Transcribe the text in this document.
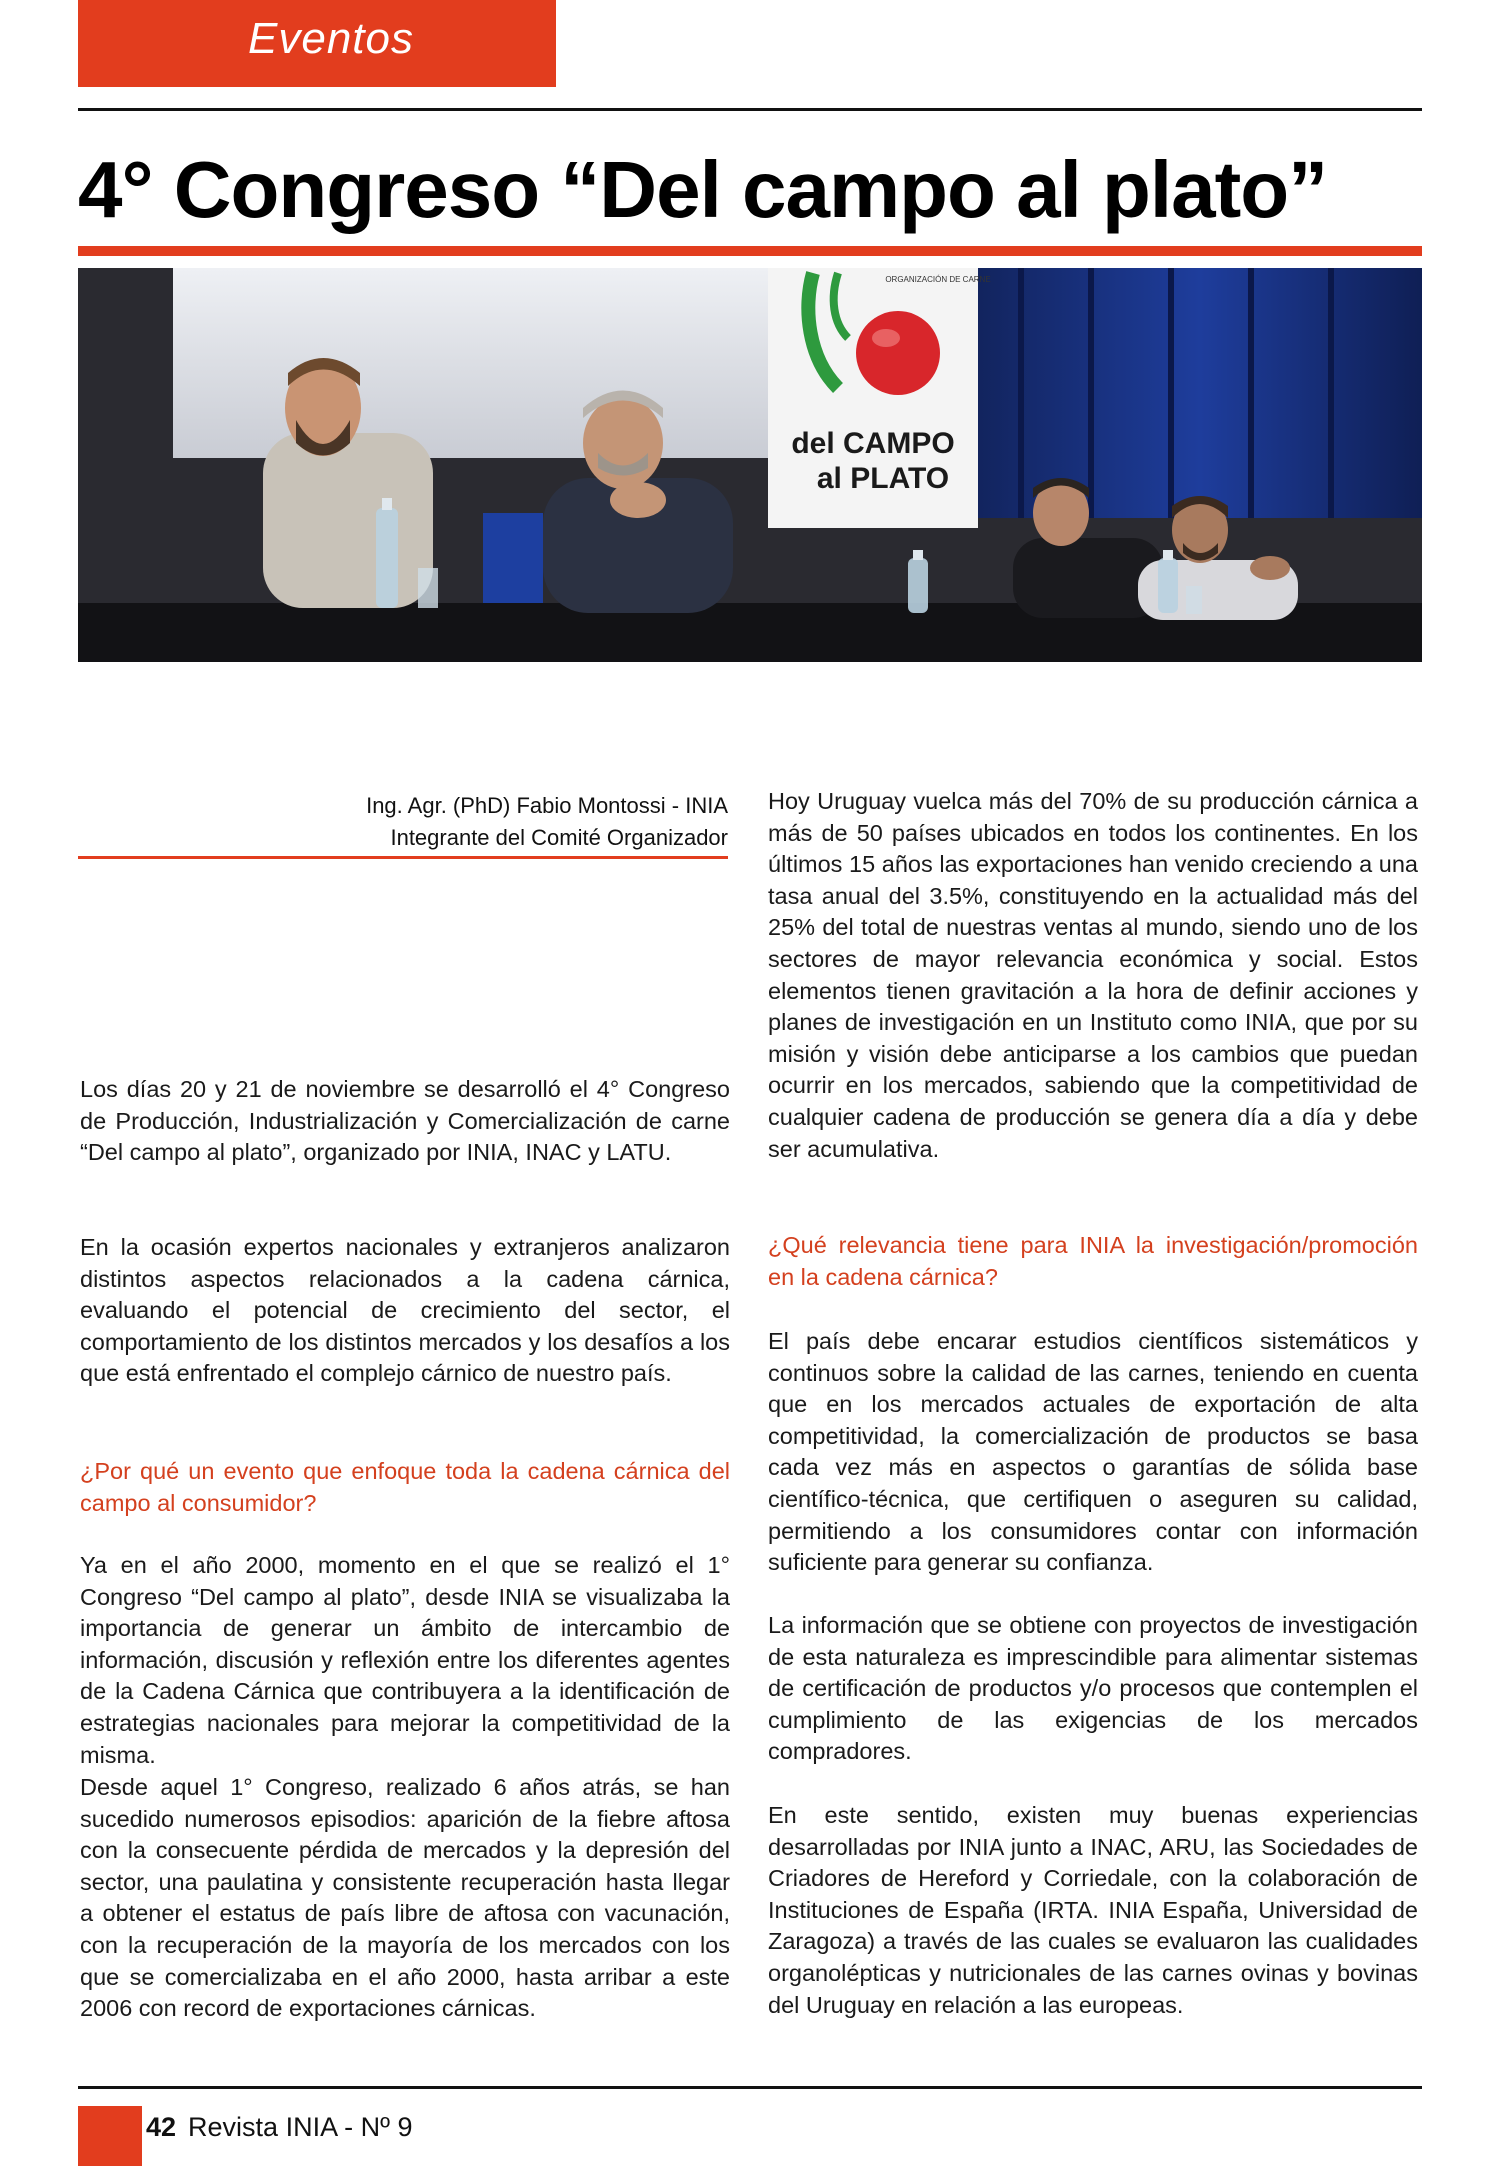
Eventos
4° Congreso “Del campo al plato”
ORGANIZACIÓN DE CARNE
del CAMPO
al PLATO
Ing. Agr. (PhD) Fabio Montossi - INIA
Integrante del Comité Organizador

Los días 20 y 21 de noviembre se desarrolló el 4° Congreso de Producción, Industrialización y Comercialización de carne “Del campo al plato”, organizado por INIA, INAC y LATU.

En la ocasión expertos nacionales y extranjeros analizaron distintos aspectos relacionados a la cadena cárnica, evaluando el potencial de crecimiento del sector, el comportamiento de los distintos mercados y los desafíos a los que está enfrentado el complejo cárnico de nuestro país.

¿Por qué un evento que enfoque toda la cadena cárnica del campo al consumidor?

Ya en el año 2000, momento en el que se realizó el 1° Congreso “Del campo al plato”, desde INIA se visualizaba la importancia de generar un ámbito de intercambio de información, discusión y reflexión entre los diferentes agentes de la Cadena Cárnica que contribuyera a la identificación de estrategias nacionales para mejorar la competitividad de la misma.

Desde aquel 1° Congreso, realizado 6 años atrás, se han sucedido numerosos episodios: aparición de la fiebre aftosa con la consecuente pérdida de mercados y la depresión del sector, una paulatina y consistente recuperación hasta llegar a obtener el estatus de país libre de aftosa con vacunación, con la recuperación de la mayoría de los mercados con los que se comercializaba en el año 2000, hasta arribar a este 2006 con record de exportaciones cárnicas.

Hoy Uruguay vuelca más del 70% de su producción cárnica a más de 50 países ubicados en todos los continentes. En los últimos 15 años las exportaciones han venido creciendo a una tasa anual del 3.5%, constituyendo en la actualidad más del 25% del total de nuestras ventas al mundo, siendo uno de los sectores de mayor relevancia económica y social. Estos elementos tienen gravitación a la hora de definir acciones y planes de investigación en un Instituto como INIA, que por su misión y visión debe anticiparse a los cambios que puedan ocurrir en los mercados, sabiendo que la competitividad de cualquier cadena de producción se genera día a día y debe ser acumulativa.

¿Qué relevancia tiene para INIA la investigación/promoción en la cadena cárnica?

El país debe encarar estudios científicos sistemáticos y continuos sobre la calidad de las carnes, teniendo en cuenta que en los mercados actuales de exportación de alta competitividad, la comercialización de productos se basa cada vez más en aspectos o garantías de sólida base científico-técnica, que certifiquen o aseguren su calidad, permitiendo a los consumidores contar con información suficiente para generar su confianza.

La información que se obtiene con proyectos de investigación de esta naturaleza es imprescindible para alimentar sistemas de certificación de productos y/o procesos que contemplen el cumplimiento de las exigencias de los mercados compradores.

En este sentido, existen muy buenas experiencias desarrolladas por INIA junto a INAC, ARU, las Sociedades de Criadores de Hereford y Corriedale, con la colaboración de Instituciones de España (IRTA. INIA España, Universidad de Zaragoza) a través de las cuales se evaluaron las cualidades organolépticas y nutricionales de las carnes ovinas y bovinas del Uruguay en relación a las europeas.

42 Revista INIA - Nº 9
